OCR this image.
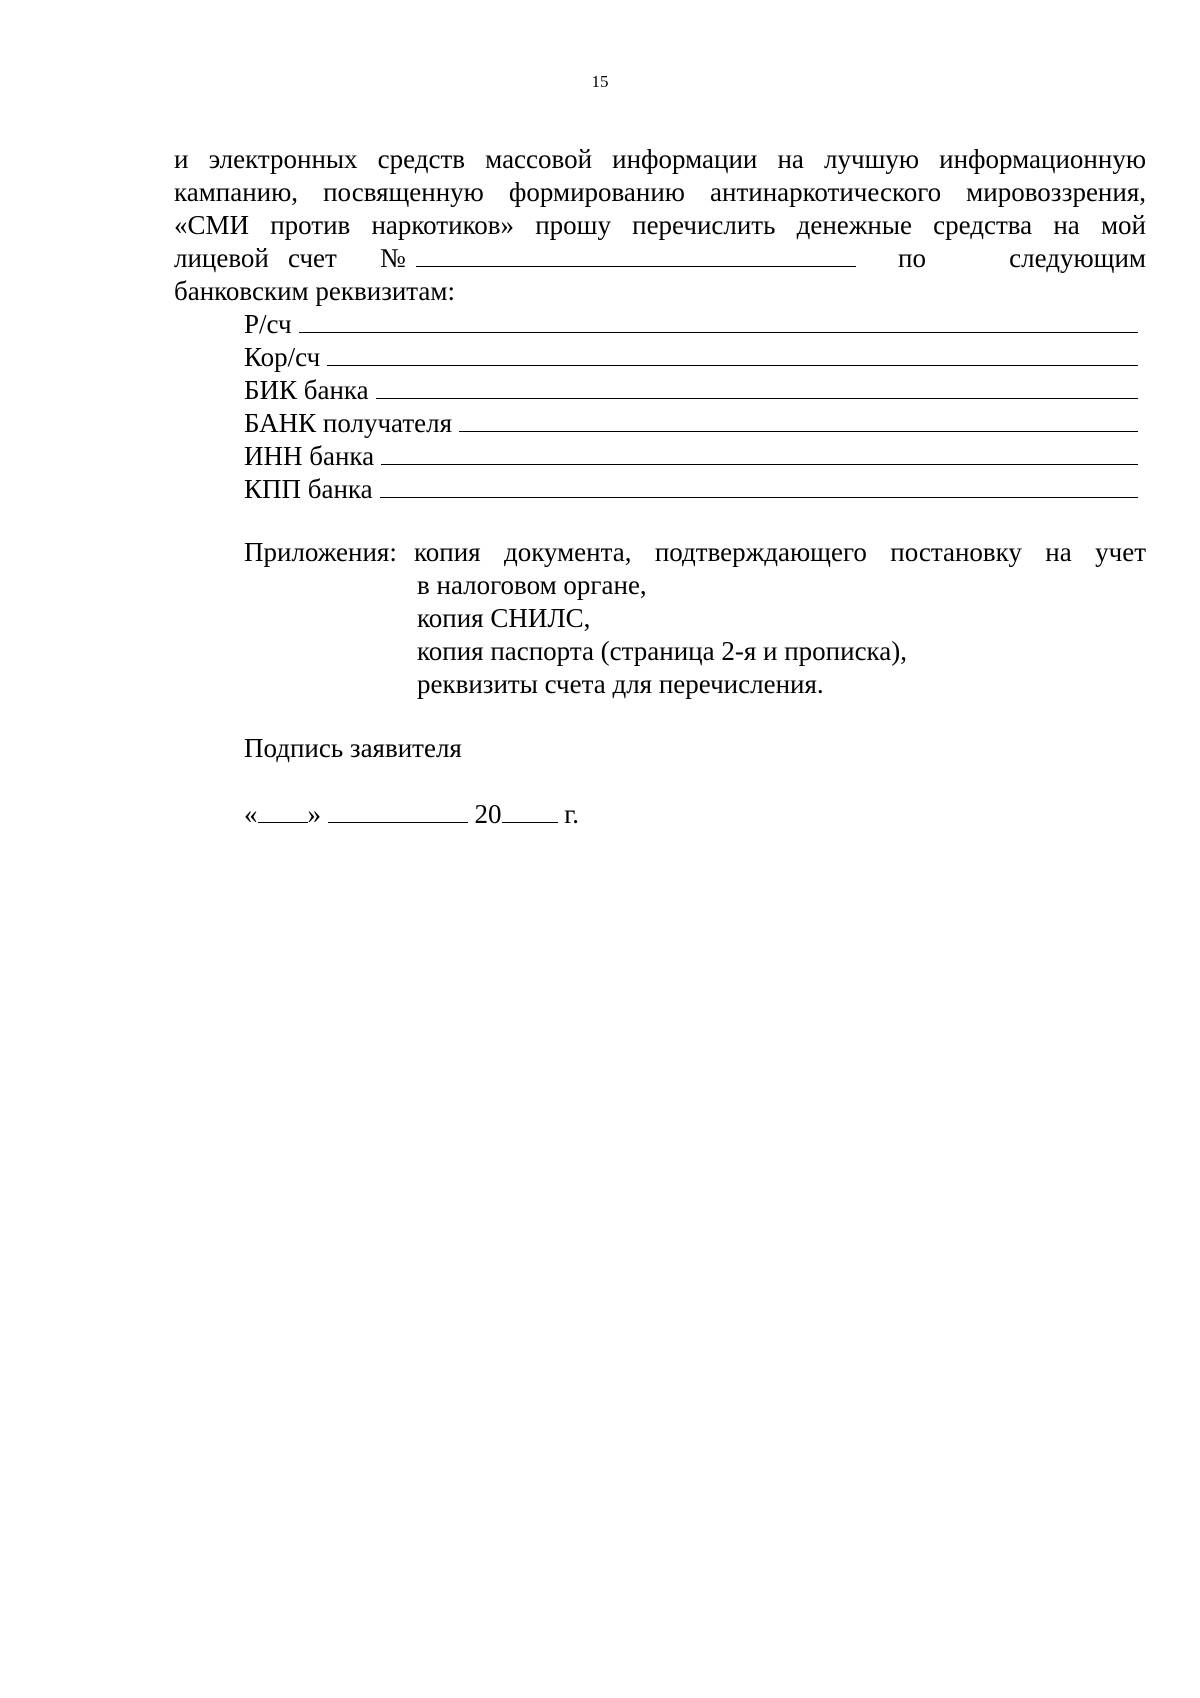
15
и электронных средств массовой информации на лучшую информационную
кампанию, посвященную формированию антинаркотического мировоззрения,
«СМИ против наркотиков» прошу перечислить денежные средства на мой
лицевой счет	№	по	следующим
банковским реквизитам:
Р/сч
Кор/сч
БИК банка
БАНК получателя
ИНН банка
КПП банка
Приложения: копия документа, подтверждающего постановку на учет
в налоговом органе,
копия СНИЛС,
копия паспорта (страница 2-я и прописка),
реквизиты счета для перечисления.
Подпись заявителя
« »	20 г.
